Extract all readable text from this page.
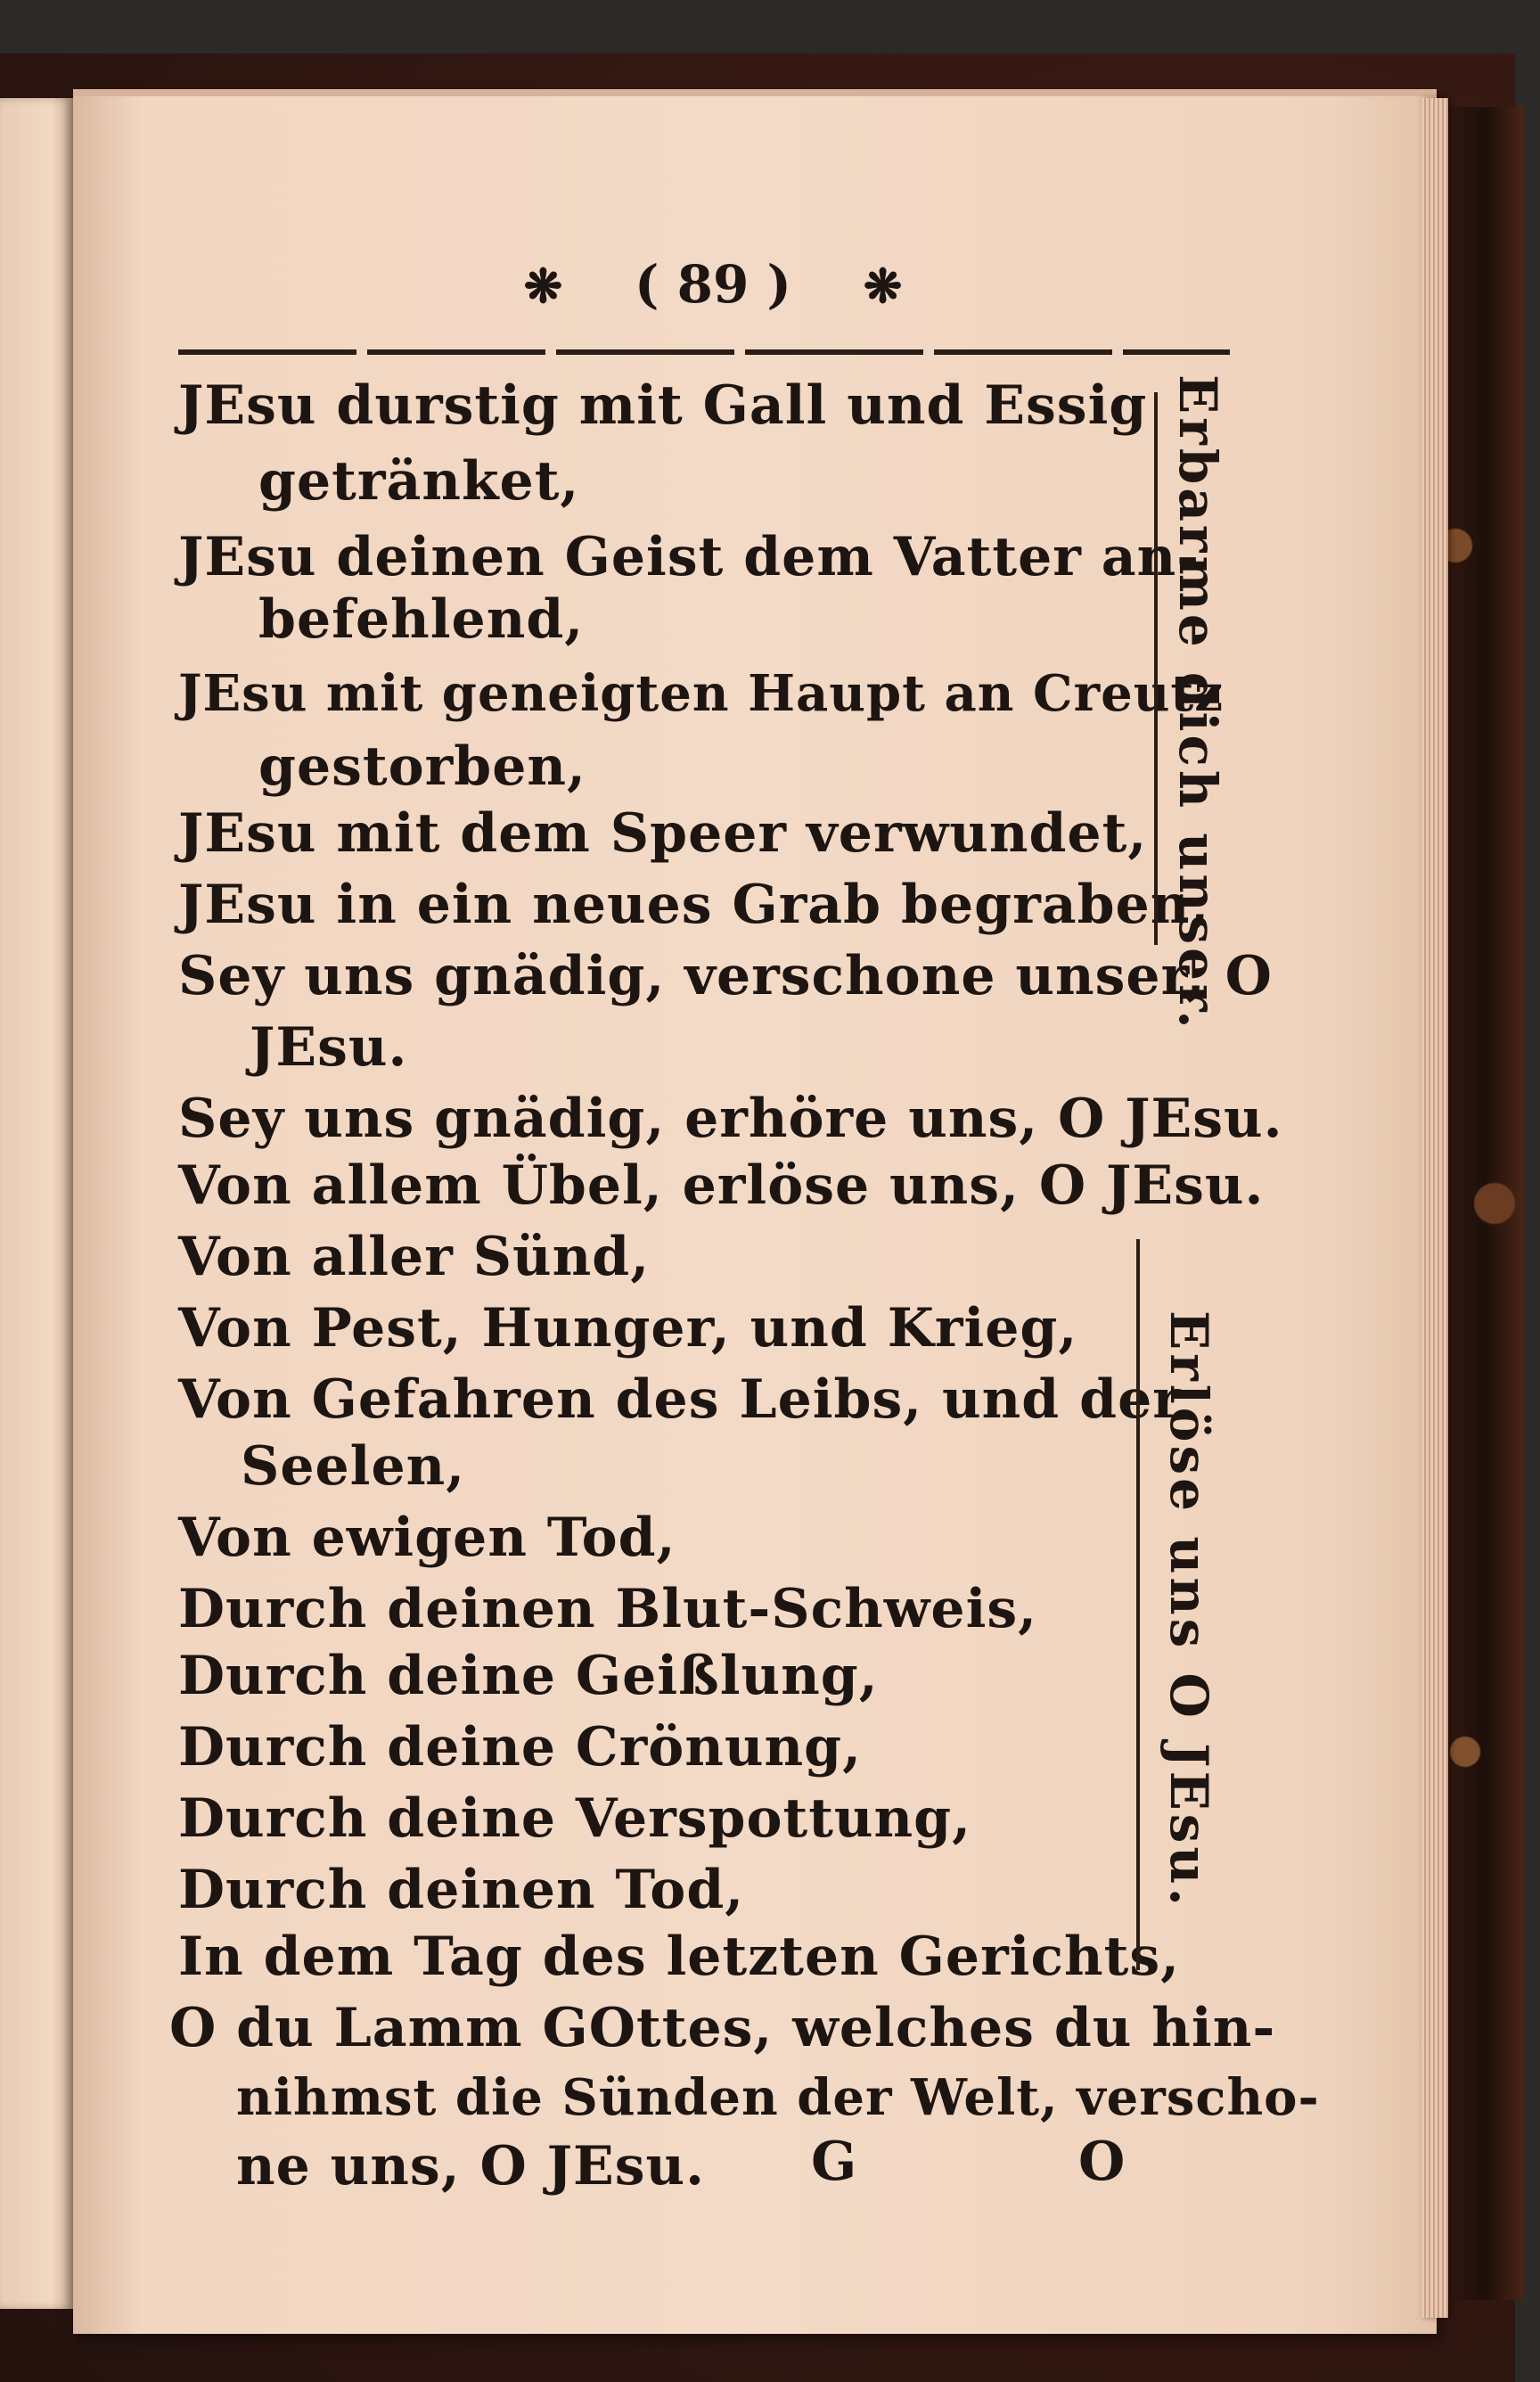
❋ ( 89 ) ❋
JEsu durstig mit Gall und Essig
getränket,
JEsu deinen Geist dem Vatter an-
befehlend,
JEsu mit geneigten Haupt an Creutz
gestorben,
JEsu mit dem Speer verwundet,
JEsu in ein neues Grab begraben,
Sey uns gnädig, verschone unser, O
JEsu.
Sey uns gnädig, erhöre uns, O JEsu.
Von allem Übel, erlöse uns, O JEsu.
Von aller Sünd,
Von Pest, Hunger, und Krieg,
Von Gefahren des Leibs, und der
Seelen,
Von ewigen Tod,
Durch deinen Blut-Schweis,
Durch deine Geißlung,
Durch deine Crönung,
Durch deine Verspottung,
Durch deinen Tod,
In dem Tag des letzten Gerichts,
O du Lamm GOttes, welches du hin-
nihmst die Sünden der Welt, verscho-
ne uns, O JEsu. G	O
Erbarme dich unser.
Erlöse uns O JEsu.
